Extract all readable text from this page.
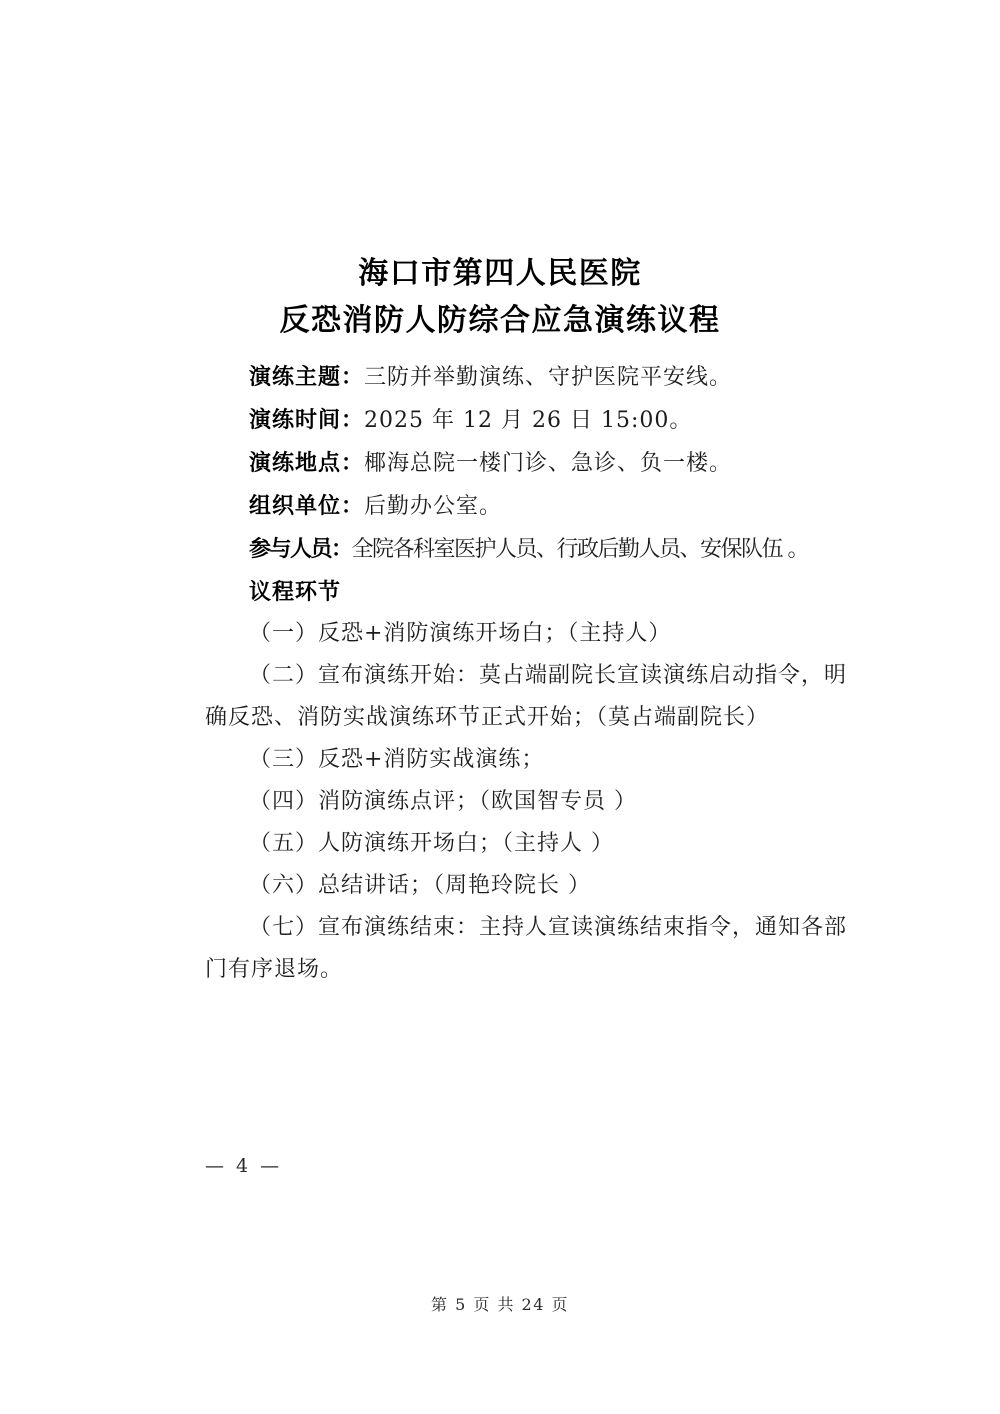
海口市第四人民医院
反恐消防人防综合应急演练议程

演练主题：三防并举勤演练、守护医院平安线。

演练时间：2025 年 12 月 26 日 15:00。

演练地点：椰海总院一楼门诊、急诊、负一楼。

组织单位：后勤办公室。

参与人员：全院各科室医护人员、行政后勤人员、安保队伍 。

议程环节

（一）反恐+消防演练开场白；（主持人）

（二）宣布演练开始：莫占端副院长宣读演练启动指令，明确反恐、消防实战演练环节正式开始；（莫占端副院长）

（三）反恐+消防实战演练；

（四）消防演练点评；（欧国智专员 ）

（五）人防演练开场白；（主持人 ）

（六）总结讲话；（周艳玲院长 ）

（七）宣布演练结束：主持人宣读演练结束指令，通知各部门有序退场。

— 4 —
第 5 页 共 24 页
